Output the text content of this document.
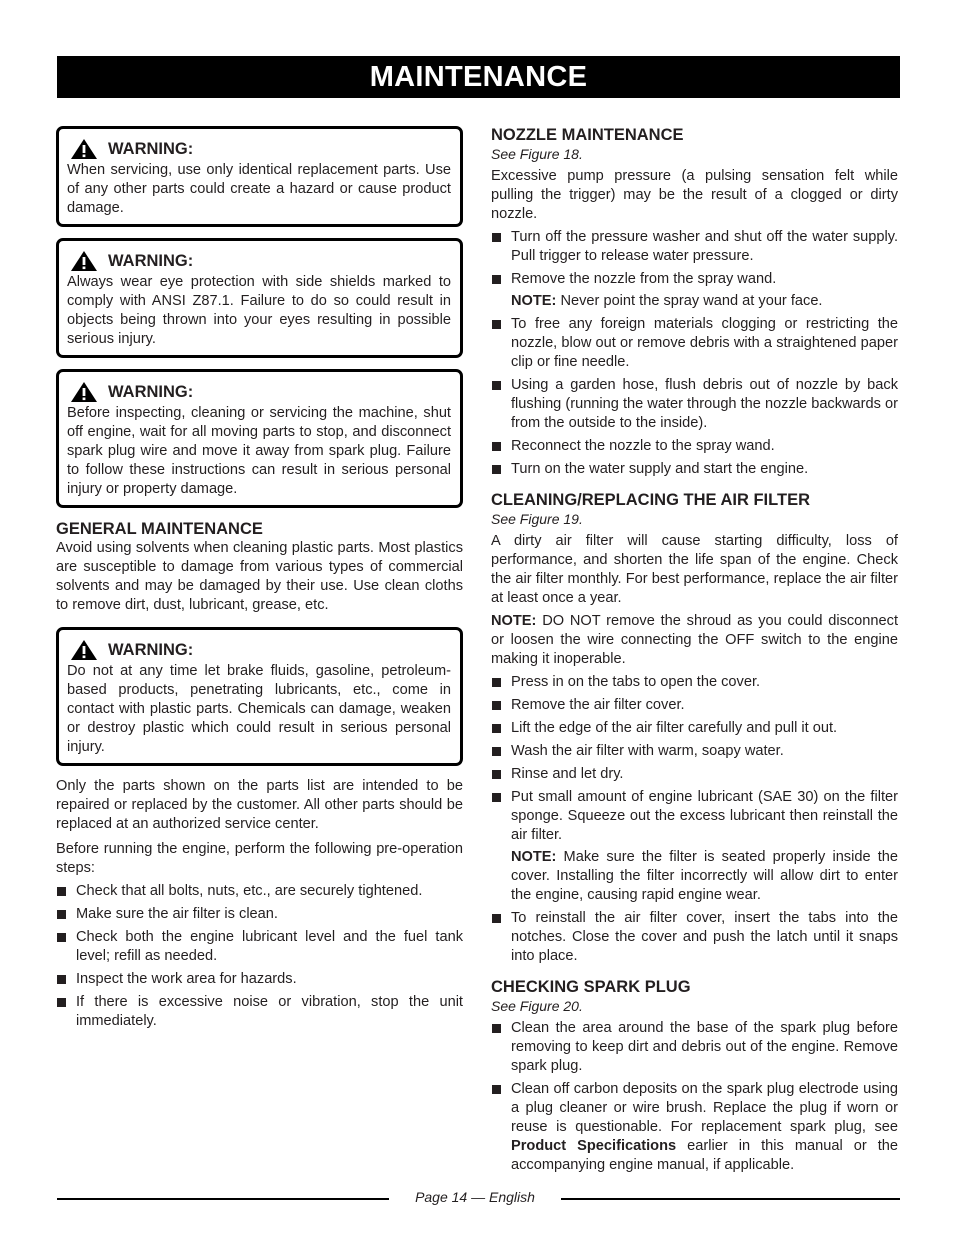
MAINTENANCE
WARNING:
When servicing, use only identical replacement parts. Use of any other parts could create a hazard or cause product damage.
WARNING:
Always wear eye protection with side shields marked to comply with ANSI Z87.1. Failure to do so could result in objects being thrown into your eyes resulting in possible serious injury.
WARNING:
Before inspecting, cleaning or servicing the machine, shut off engine, wait for all moving parts to stop, and disconnect spark plug wire and move it away from spark plug. Failure to follow these instructions can result in serious personal injury or property damage.
GENERAL MAINTENANCE
Avoid using solvents when cleaning plastic parts. Most plastics are susceptible to damage from various types of commercial solvents and may be damaged by their use. Use clean cloths to remove dirt, dust, lubricant, grease, etc.
WARNING:
Do not at any time let brake fluids, gasoline, petroleum-based products, penetrating lubricants, etc., come in contact with plastic parts. Chemicals can damage, weaken or destroy plastic which could result in serious personal injury.
Only the parts shown on the parts list are intended to be repaired or replaced by the customer. All other parts should be replaced at an authorized service center.
Before running the engine, perform the following pre-operation steps:
Check that all bolts, nuts, etc., are securely tightened.
Make sure the air filter is clean.
Check both the engine lubricant level and the fuel tank level; refill as needed.
Inspect the work area for hazards.
If there is excessive noise or vibration, stop the unit immediately.
NOZZLE MAINTENANCE
See Figure 18.
Excessive pump pressure (a pulsing sensation felt while pulling the trigger) may be the result of a clogged or dirty nozzle.
Turn off the pressure washer and shut off the water supply. Pull trigger to release water pressure.
Remove the nozzle from the spray wand.
NOTE: Never point the spray wand at your face.
To free any foreign materials clogging or restricting the nozzle, blow out or remove debris with a straightened paper clip or fine needle.
Using a garden hose, flush debris out of nozzle by back flushing (running the water through the nozzle backwards or from the outside to the inside).
Reconnect the nozzle to the spray wand.
Turn on the water supply and start the engine.
CLEANING/REPLACING THE AIR FILTER
See Figure 19.
A dirty air filter will cause starting difficulty, loss of performance, and shorten the life span of the engine. Check the air filter monthly. For best performance, replace the air filter at least once a year.
NOTE: DO NOT remove the shroud as you could disconnect or loosen the wire connecting the OFF switch to the engine making it inoperable.
Press in on the tabs to open the cover.
Remove the air filter cover.
Lift the edge of the air filter carefully and pull it out.
Wash the air filter with warm, soapy water.
Rinse and let dry.
Put small amount of engine lubricant (SAE 30) on the filter sponge. Squeeze out the excess lubricant then reinstall the air filter.
NOTE: Make sure the filter is seated properly inside the cover. Installing the filter incorrectly will allow dirt to enter the engine, causing rapid engine wear.
To reinstall the air filter cover, insert the tabs into the notches. Close the cover and push the latch until it snaps into place.
CHECKING SPARK PLUG
See Figure 20.
Clean the area around the base of the spark plug before removing to keep dirt and debris out of the engine. Remove spark plug.
Clean off carbon deposits on the spark plug electrode using a plug cleaner or wire brush. Replace the plug if worn or reuse is questionable. For replacement spark plug, see Product Specifications earlier in this manual or the accompanying engine manual, if applicable.
Page 14 — English
